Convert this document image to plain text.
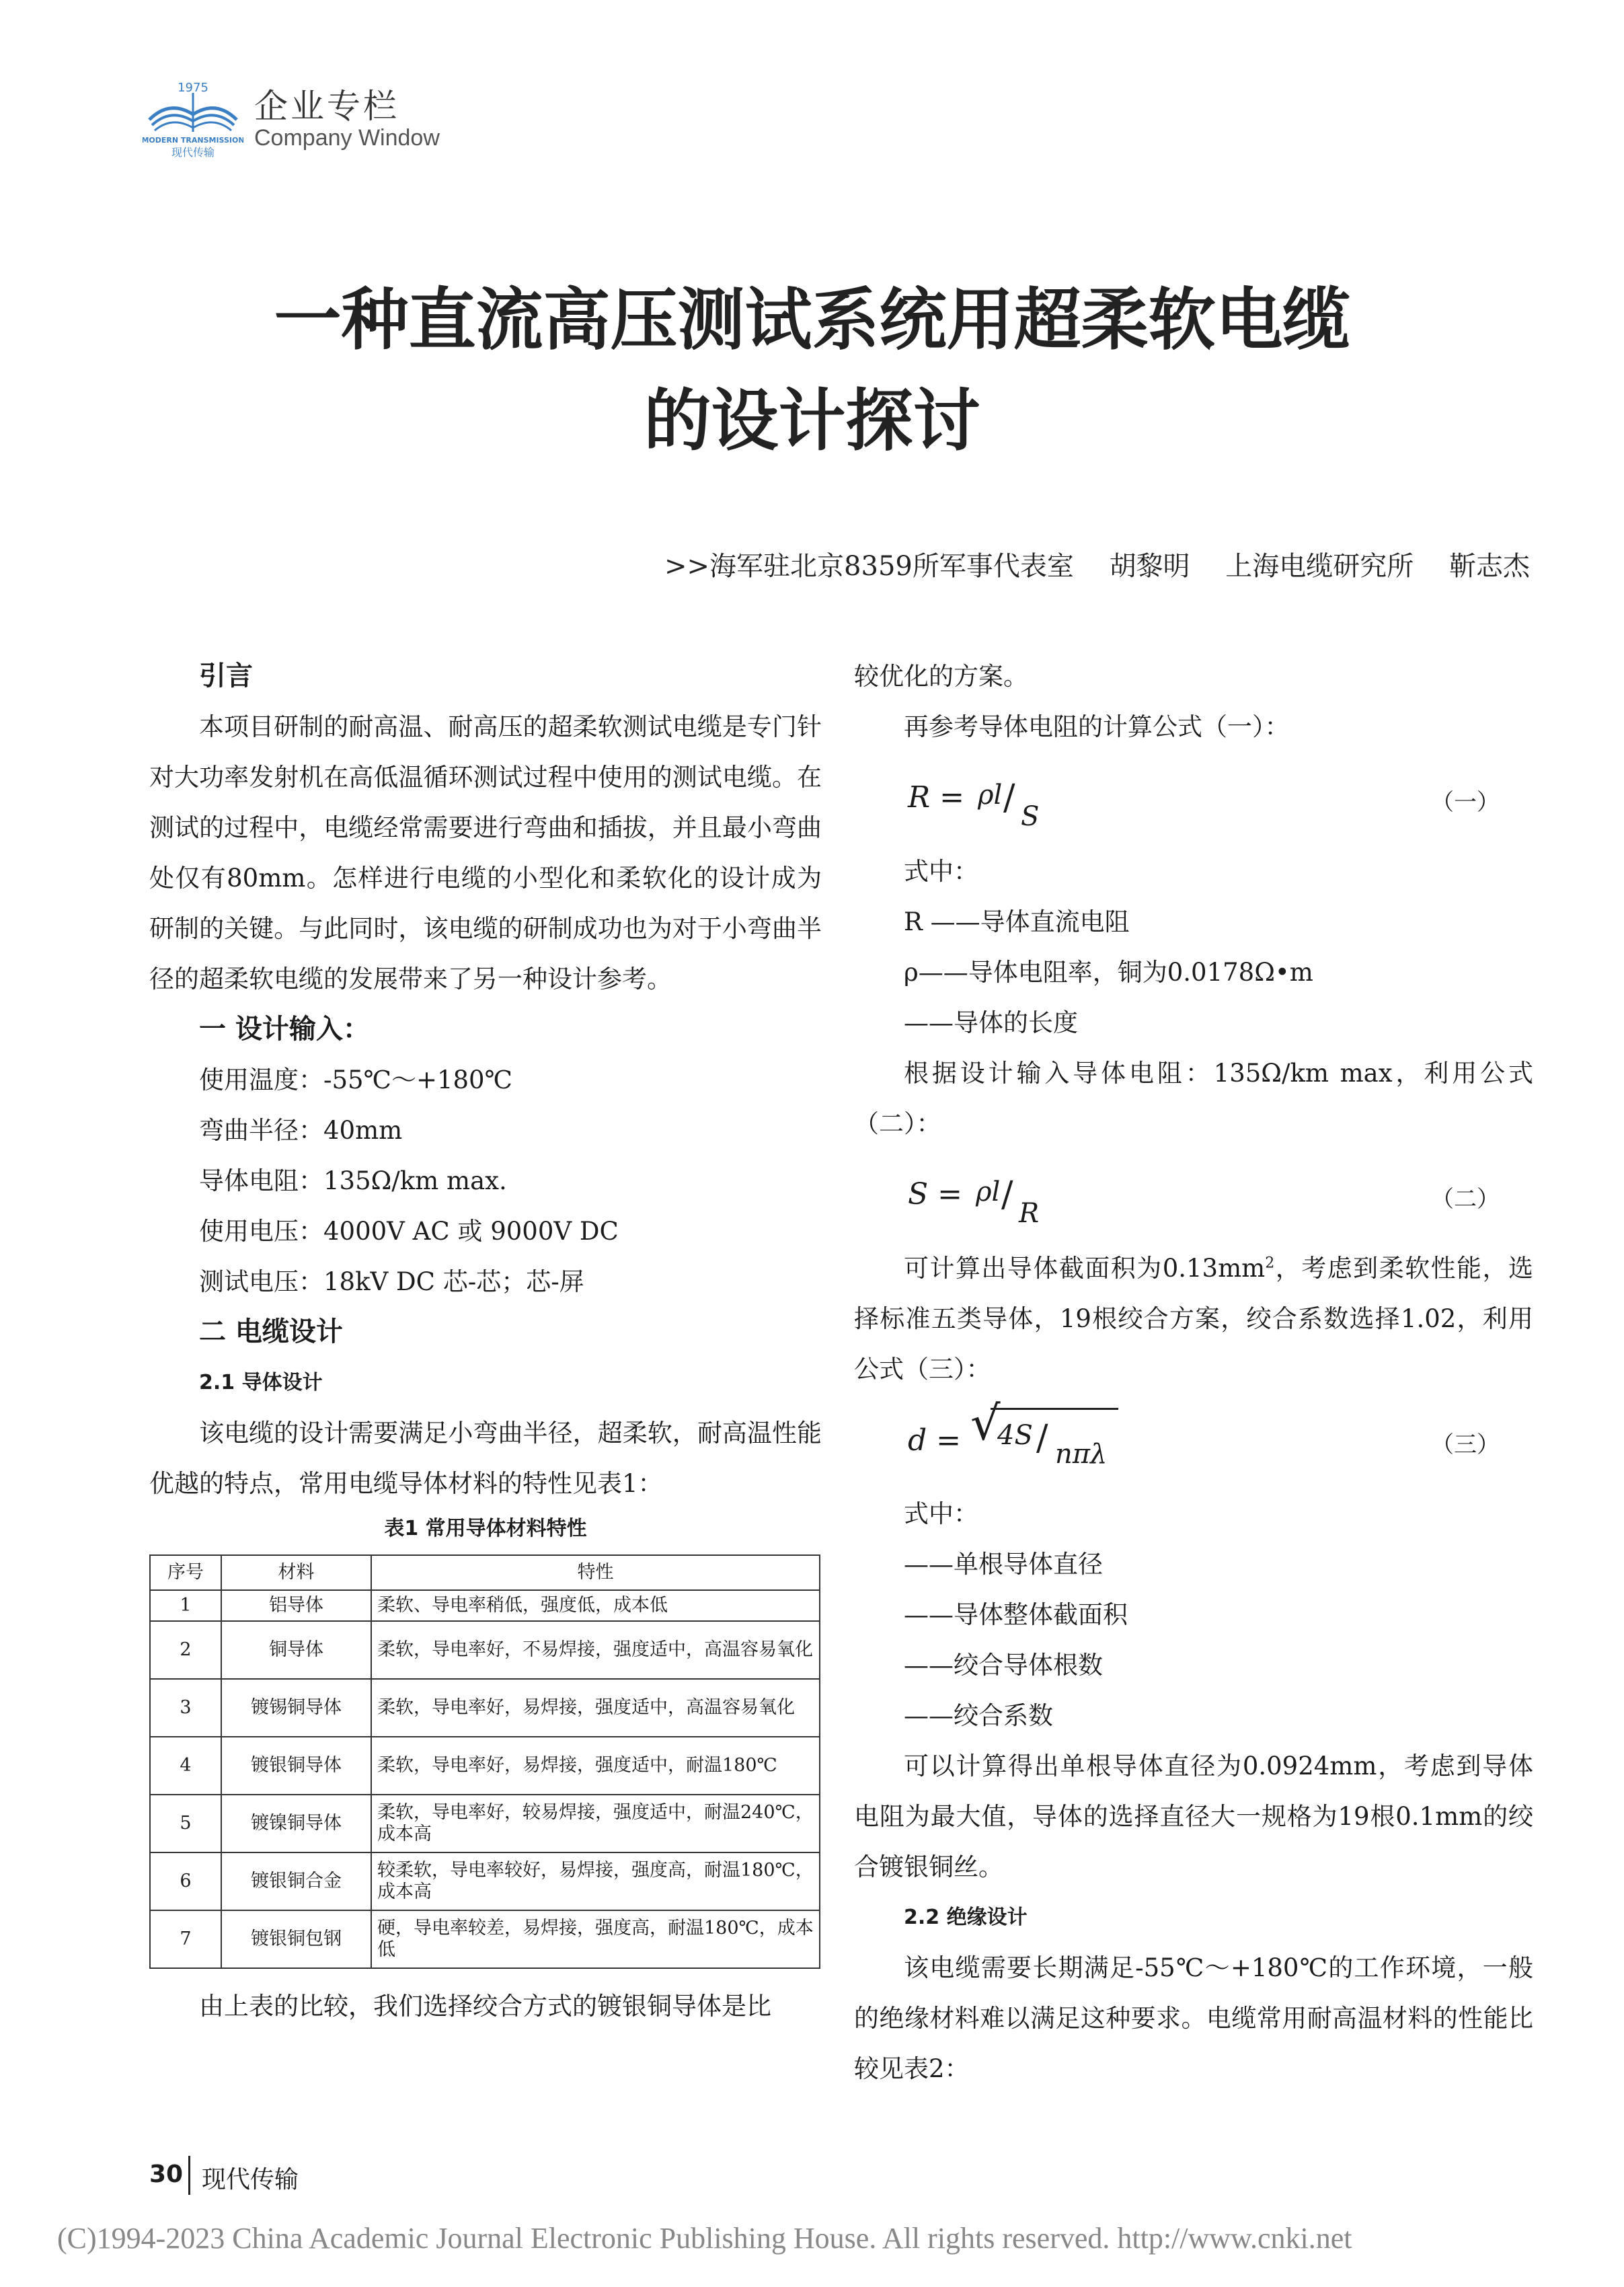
1975
MODERN TRANSMISSION
现代传输
企业专栏
Company Window
一种直流高压测试系统用超柔软电缆
的设计探讨
>>海军驻北京8359所军事代表室 胡黎明 上海电缆研究所 靳志杰

引言

本项目研制的耐高温、耐高压的超柔软测试电缆是专门针对大功率发射机在高低温循环测试过程中使用的测试电缆。在测试的过程中，电缆经常需要进行弯曲和插拔，并且最小弯曲处仅有80mm。怎样进行电缆的小型化和柔软化的设计成为研制的关键。与此同时，该电缆的研制成功也为对于小弯曲半径的超柔软电缆的发展带来了另一种设计参考。

一 设计输入：

使用温度：-55℃～+180℃

弯曲半径：40mm

导体电阻：135Ω/km max.

使用电压：4000V AC 或 9000V DC

测试电压：18kV DC 芯-芯；芯-屏

二 电缆设计

2.1 导体设计

该电缆的设计需要满足小弯曲半径，超柔软，耐高温性能优越的特点，常用电缆导体材料的特性见表1：

表1 常用导体材料特性

序号	材料	特性
1	铝导体	柔软、导电率稍低，强度低，成本低
2	铜导体	柔软，导电率好，不易焊接，强度适中，高温容易氧化
3	镀锡铜导体	柔软，导电率好，易焊接，强度适中，高温容易氧化
4	镀银铜导体	柔软，导电率好，易焊接，强度适中，耐温180℃
5	镀镍铜导体	柔软，导电率好，较易焊接，强度适中，耐温240℃，成本高
6	镀银铜合金	较柔软，导电率较好，易焊接，强度高，耐温180℃，成本高
7	镀银铜包钢	硬，导电率较差，易焊接，强度高，耐温180℃，成本低

由上表的比较，我们选择绞合方式的镀银铜导体是比

较优化的方案。

再参考导体电阻的计算公式（一）：

R = ρl / S	（一）

式中：

R ——导体直流电阻

ρ——导体电阻率，铜为0.0178Ω•m

——导体的长度

根据设计输入导体电阻：135Ω/km max，利用公式（二）：

S = ρl / R	（二）

可计算出导体截面积为$0.13mm^2$，考虑到柔软性能，选择标准五类导体，19根绞合方案，绞合系数选择1.02，利用公式（三）：

d = √
4S / nπλ	（三）

式中：

——单根导体直径

——导体整体截面积

——绞合导体根数

——绞合系数

可以计算得出单根导体直径为0.0924mm，考虑到导体电阻为最大值，导体的选择直径大一规格为19根0.1mm的绞合镀银铜丝。

2.2 绝缘设计

该电缆需要长期满足-55℃～+180℃的工作环境，一般的绝缘材料难以满足这种要求。电缆常用耐高温材料的性能比较见表2：

30 现代传输
(C)1994-2023 China Academic Journal Electronic Publishing House. All rights reserved. http://www.cnki.net
